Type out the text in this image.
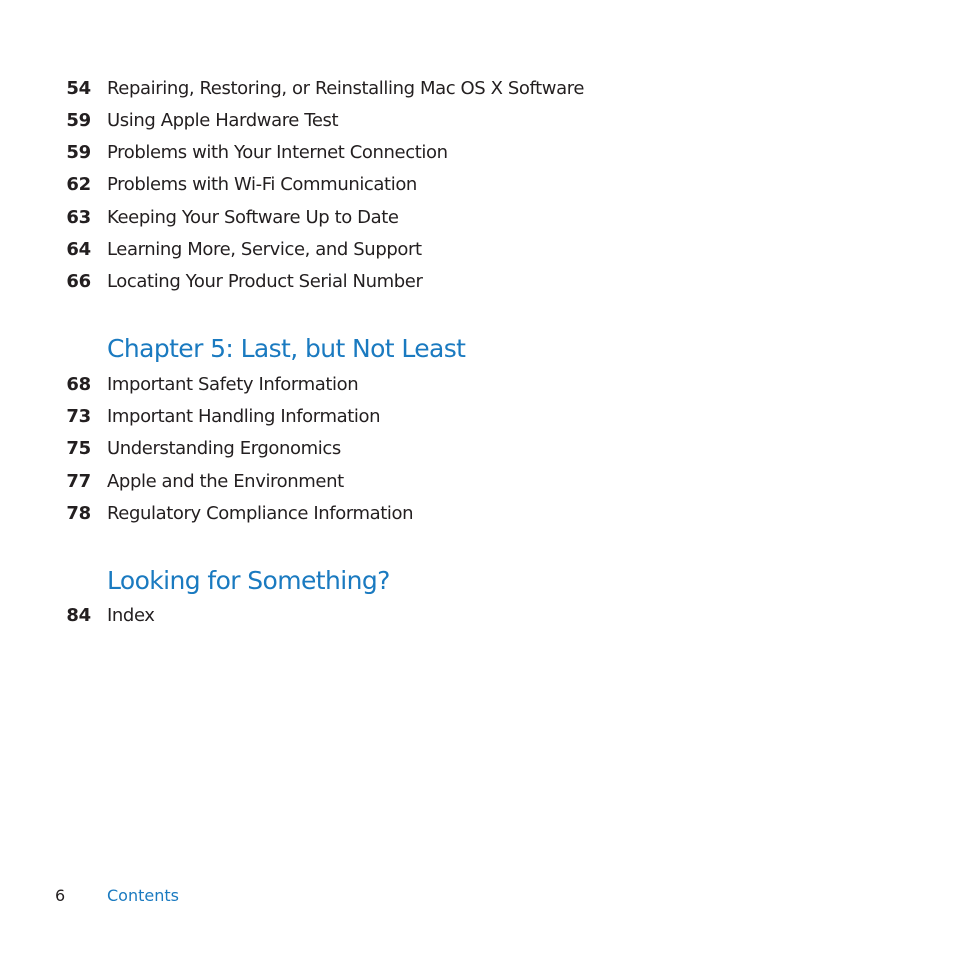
54 Repairing, Restoring, or Reinstalling Mac OS X Software
59 Using Apple Hardware Test
59 Problems with Your Internet Connection
62 Problems with Wi-Fi Communication
63 Keeping Your Software Up to Date
64 Learning More, Service, and Support
66 Locating Your Product Serial Number
Chapter 5: Last, but Not Least
68 Important Safety Information
73 Important Handling Information
75 Understanding Ergonomics
77 Apple and the Environment
78 Regulatory Compliance Information
Looking for Something?
84 Index
6	Contents
